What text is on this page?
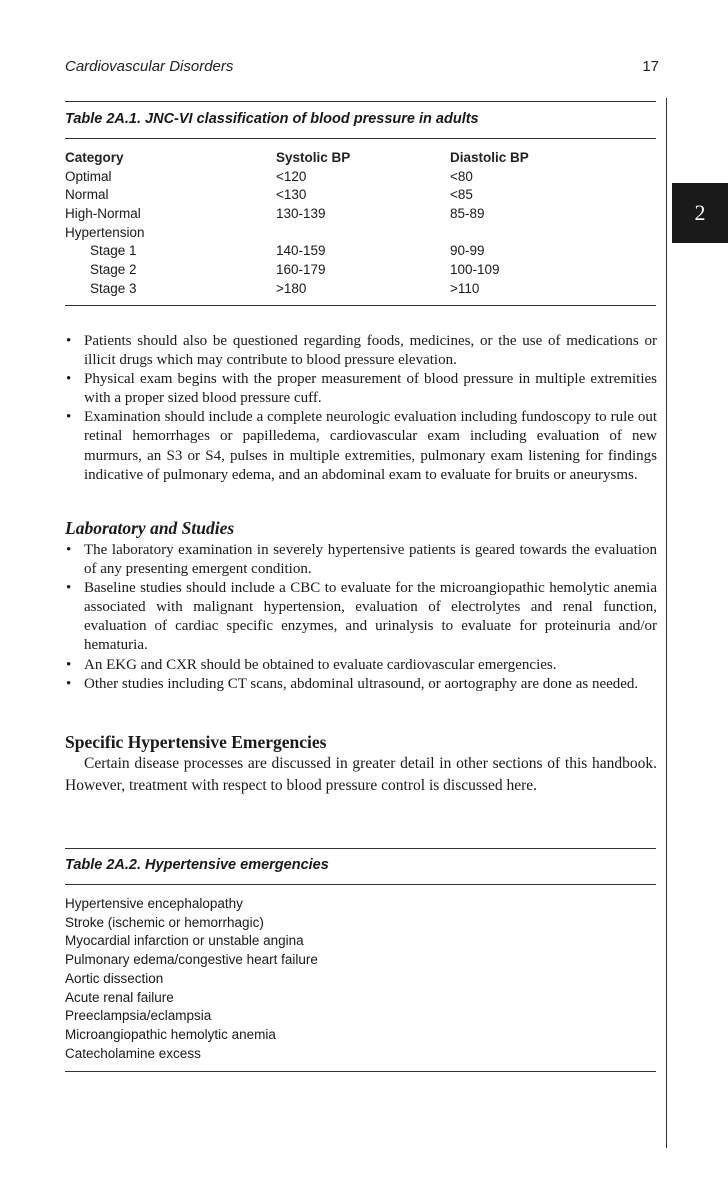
Cardiovascular Disorders	17
2
Table 2A.1. JNC-VI classification of blood pressure in adults
Category	Systolic BP	Diastolic BP
Optimal	<120	<80
Normal	<130	<85
High-Normal	130-139	85-89
Hypertension
Stage 1	140-159	90-99
Stage 2	160-179	100-109
Stage 3	>180	>110
• Patients should also be questioned regarding foods, medicines, or the use of medications or illicit drugs which may contribute to blood pressure elevation.
• Physical exam begins with the proper measurement of blood pressure in multiple extremities with a proper sized blood pressure cuff.
• Examination should include a complete neurologic evaluation including fundoscopy to rule out retinal hemorrhages or papilledema, cardiovascular exam including evaluation of new murmurs, an S3 or S4, pulses in multiple extremities, pulmonary exam listening for findings indicative of pulmonary edema, and an abdominal exam to evaluate for bruits or aneurysms.
Laboratory and Studies
• The laboratory examination in severely hypertensive patients is geared towards the evaluation of any presenting emergent condition.
• Baseline studies should include a CBC to evaluate for the microangiopathic hemolytic anemia associated with malignant hypertension, evaluation of electrolytes and renal function, evaluation of cardiac specific enzymes, and urinalysis to evaluate for proteinuria and/or hematuria.
• An EKG and CXR should be obtained to evaluate cardiovascular emergencies.
• Other studies including CT scans, abdominal ultrasound, or aortography are done as needed.
Specific Hypertensive Emergencies
Certain disease processes are discussed in greater detail in other sections of this handbook. However, treatment with respect to blood pressure control is discussed here.
Table 2A.2. Hypertensive emergencies
Hypertensive encephalopathy
Stroke (ischemic or hemorrhagic)
Myocardial infarction or unstable angina
Pulmonary edema/congestive heart failure
Aortic dissection
Acute renal failure
Preeclampsia/eclampsia
Microangiopathic hemolytic anemia
Catecholamine excess
